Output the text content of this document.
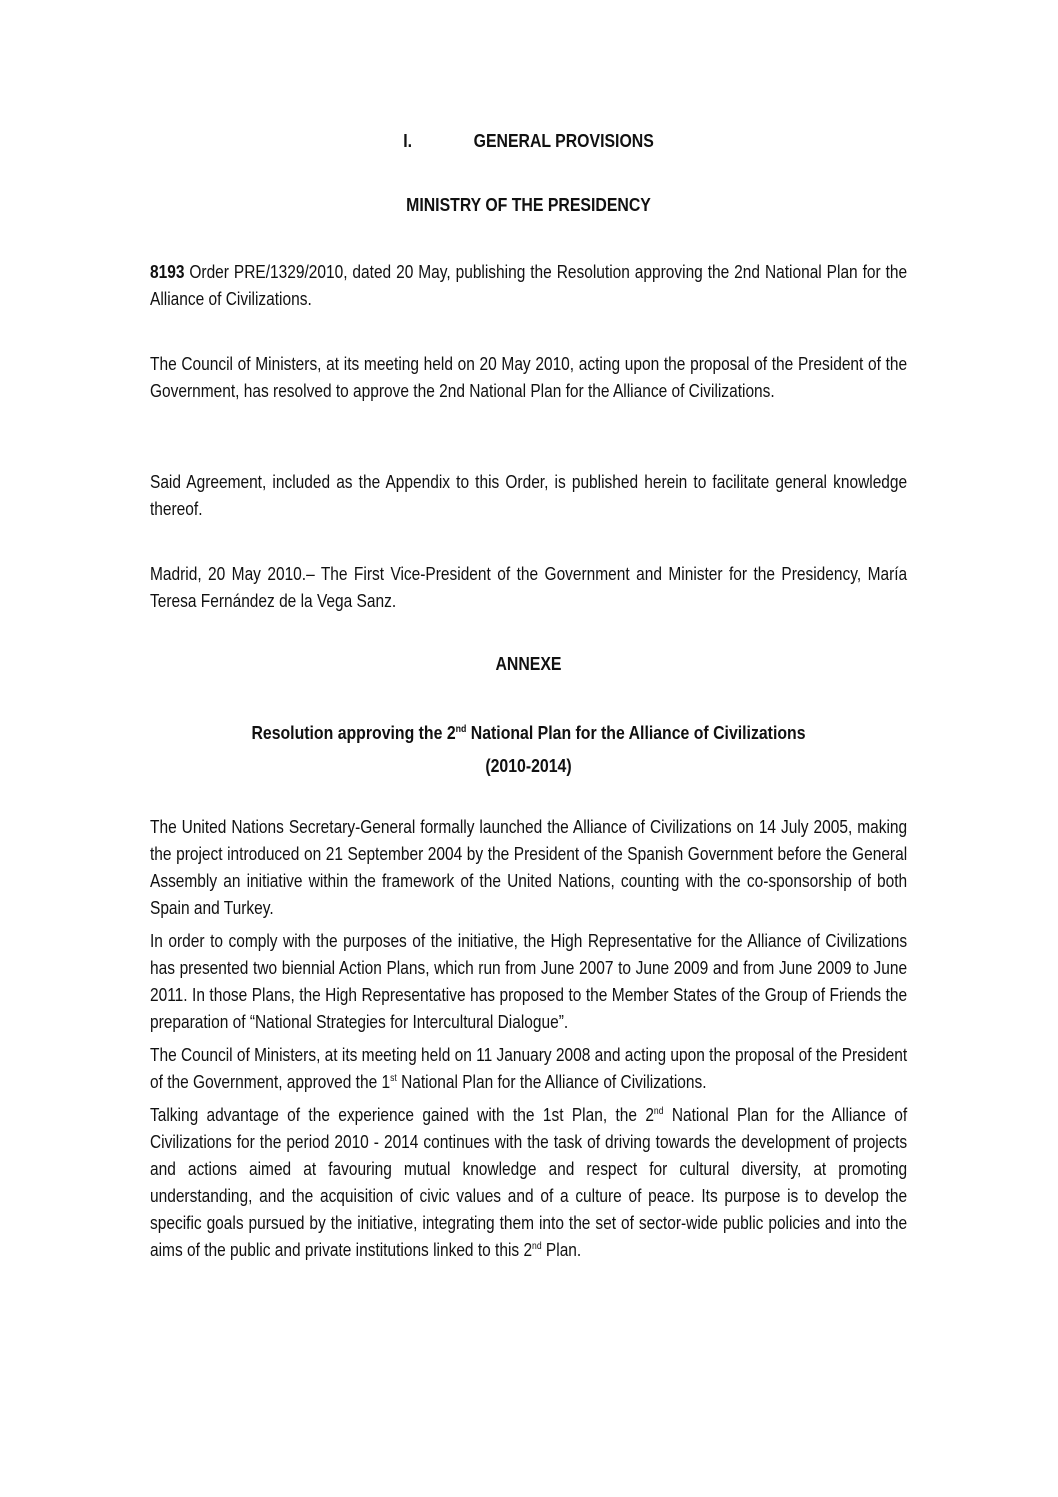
I.	GENERAL PROVISIONS
MINISTRY OF THE PRESIDENCY
8193 Order PRE/1329/2010, dated 20 May, publishing the Resolution approving the 2nd National Plan for the Alliance of Civilizations.
The Council of Ministers, at its meeting held on 20 May 2010, acting upon the proposal of the President of the Government, has resolved to approve the 2nd National Plan for the Alliance of Civilizations.
Said Agreement, included as the Appendix to this Order, is published herein to facilitate general knowledge thereof.
Madrid, 20 May 2010.– The First Vice-President of the Government and Minister for the Presidency, María Teresa Fernández de la Vega Sanz.
ANNEXE
Resolution approving the 2nd National Plan for the Alliance of Civilizations
(2010-2014)

The United Nations Secretary-General formally launched the Alliance of Civilizations on 14 July 2005, making the project introduced on 21 September 2004 by the President of the Spanish Government before the General Assembly an initiative within the framework of the United Nations, counting with the co-sponsorship of both Spain and Turkey.

In order to comply with the purposes of the initiative, the High Representative for the Alliance of Civilizations has presented two biennial Action Plans, which run from June 2007 to June 2009 and from June 2009 to June 2011. In those Plans, the High Representative has proposed to the Member States of the Group of Friends the preparation of “National Strategies for Intercultural Dialogue”.

The Council of Ministers, at its meeting held on 11 January 2008 and acting upon the proposal of the President of the Government, approved the 1st National Plan for the Alliance of Civilizations.

Talking advantage of the experience gained with the 1st Plan, the 2nd National Plan for the Alliance of Civilizations for the period 2010 - 2014 continues with the task of driving towards the development of projects and actions aimed at favouring mutual knowledge and respect for cultural diversity, at promoting understanding, and the acquisition of civic values and of a culture of peace. Its purpose is to develop the specific goals pursued by the initiative, integrating them into the set of sector-wide public policies and into the aims of the public and private institutions linked to this 2nd Plan.
